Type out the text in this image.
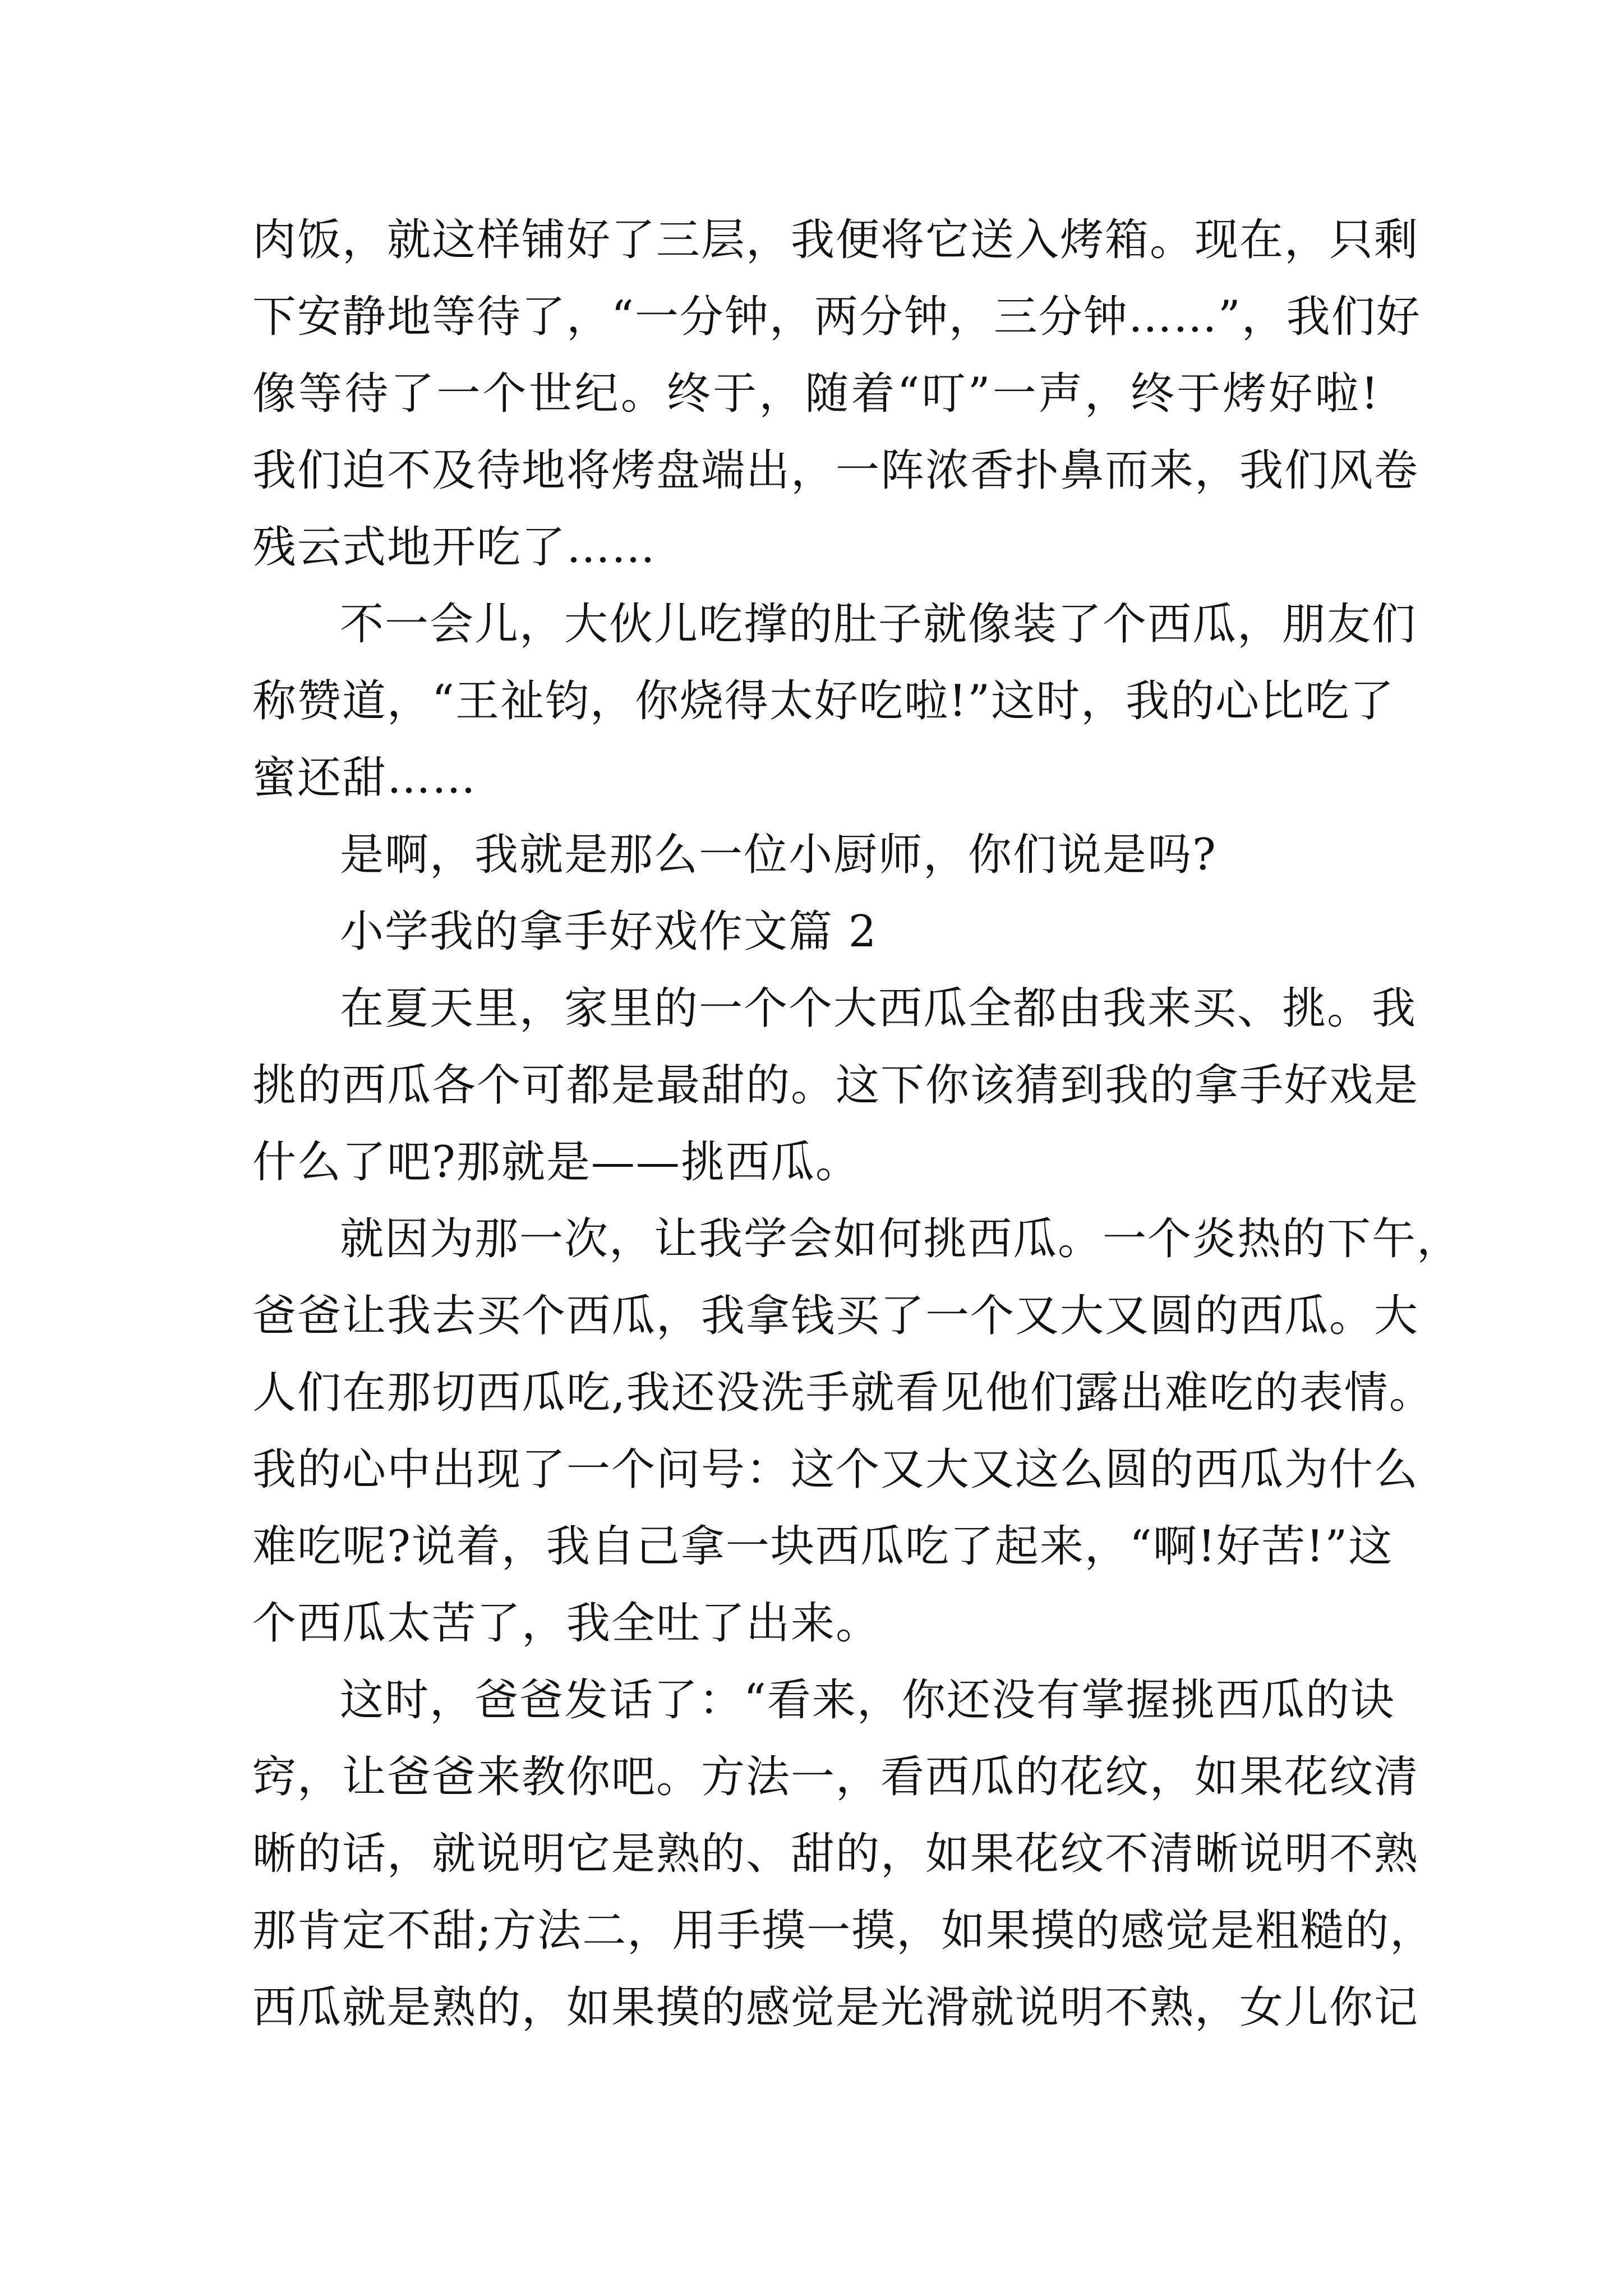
肉饭，就这样铺好了三层，我便将它送入烤箱。现在，只剩
下安静地等待了，“一分钟，两分钟，三分钟……”，我们好
像等待了一个世纪。终于，随着“叮”一声，终于烤好啦!
我们迫不及待地将烤盘端出，一阵浓香扑鼻而来，我们风卷
残云式地开吃了……
不一会儿，大伙儿吃撑的肚子就像装了个西瓜，朋友们
称赞道，“王祉钧，你烧得太好吃啦!”这时，我的心比吃了
蜜还甜……
是啊，我就是那么一位小厨师，你们说是吗?
小学我的拿手好戏作文篇 2
在夏天里，家里的一个个大西瓜全都由我来买、挑。我
挑的西瓜各个可都是最甜的。这下你该猜到我的拿手好戏是
什么了吧?那就是——挑西瓜。
就因为那一次，让我学会如何挑西瓜。一个炎热的下午，
爸爸让我去买个西瓜，我拿钱买了一个又大又圆的西瓜。大
人们在那切西瓜吃,我还没洗手就看见他们露出难吃的表情。
我的心中出现了一个问号：这个又大又这么圆的西瓜为什么
难吃呢?说着，我自己拿一块西瓜吃了起来，“啊!好苦!”这
个西瓜太苦了，我全吐了出来。
这时，爸爸发话了：“看来，你还没有掌握挑西瓜的诀
窍，让爸爸来教你吧。方法一，看西瓜的花纹，如果花纹清
晰的话，就说明它是熟的、甜的，如果花纹不清晰说明不熟
那肯定不甜;方法二，用手摸一摸，如果摸的感觉是粗糙的，
西瓜就是熟的，如果摸的感觉是光滑就说明不熟，女儿你记
